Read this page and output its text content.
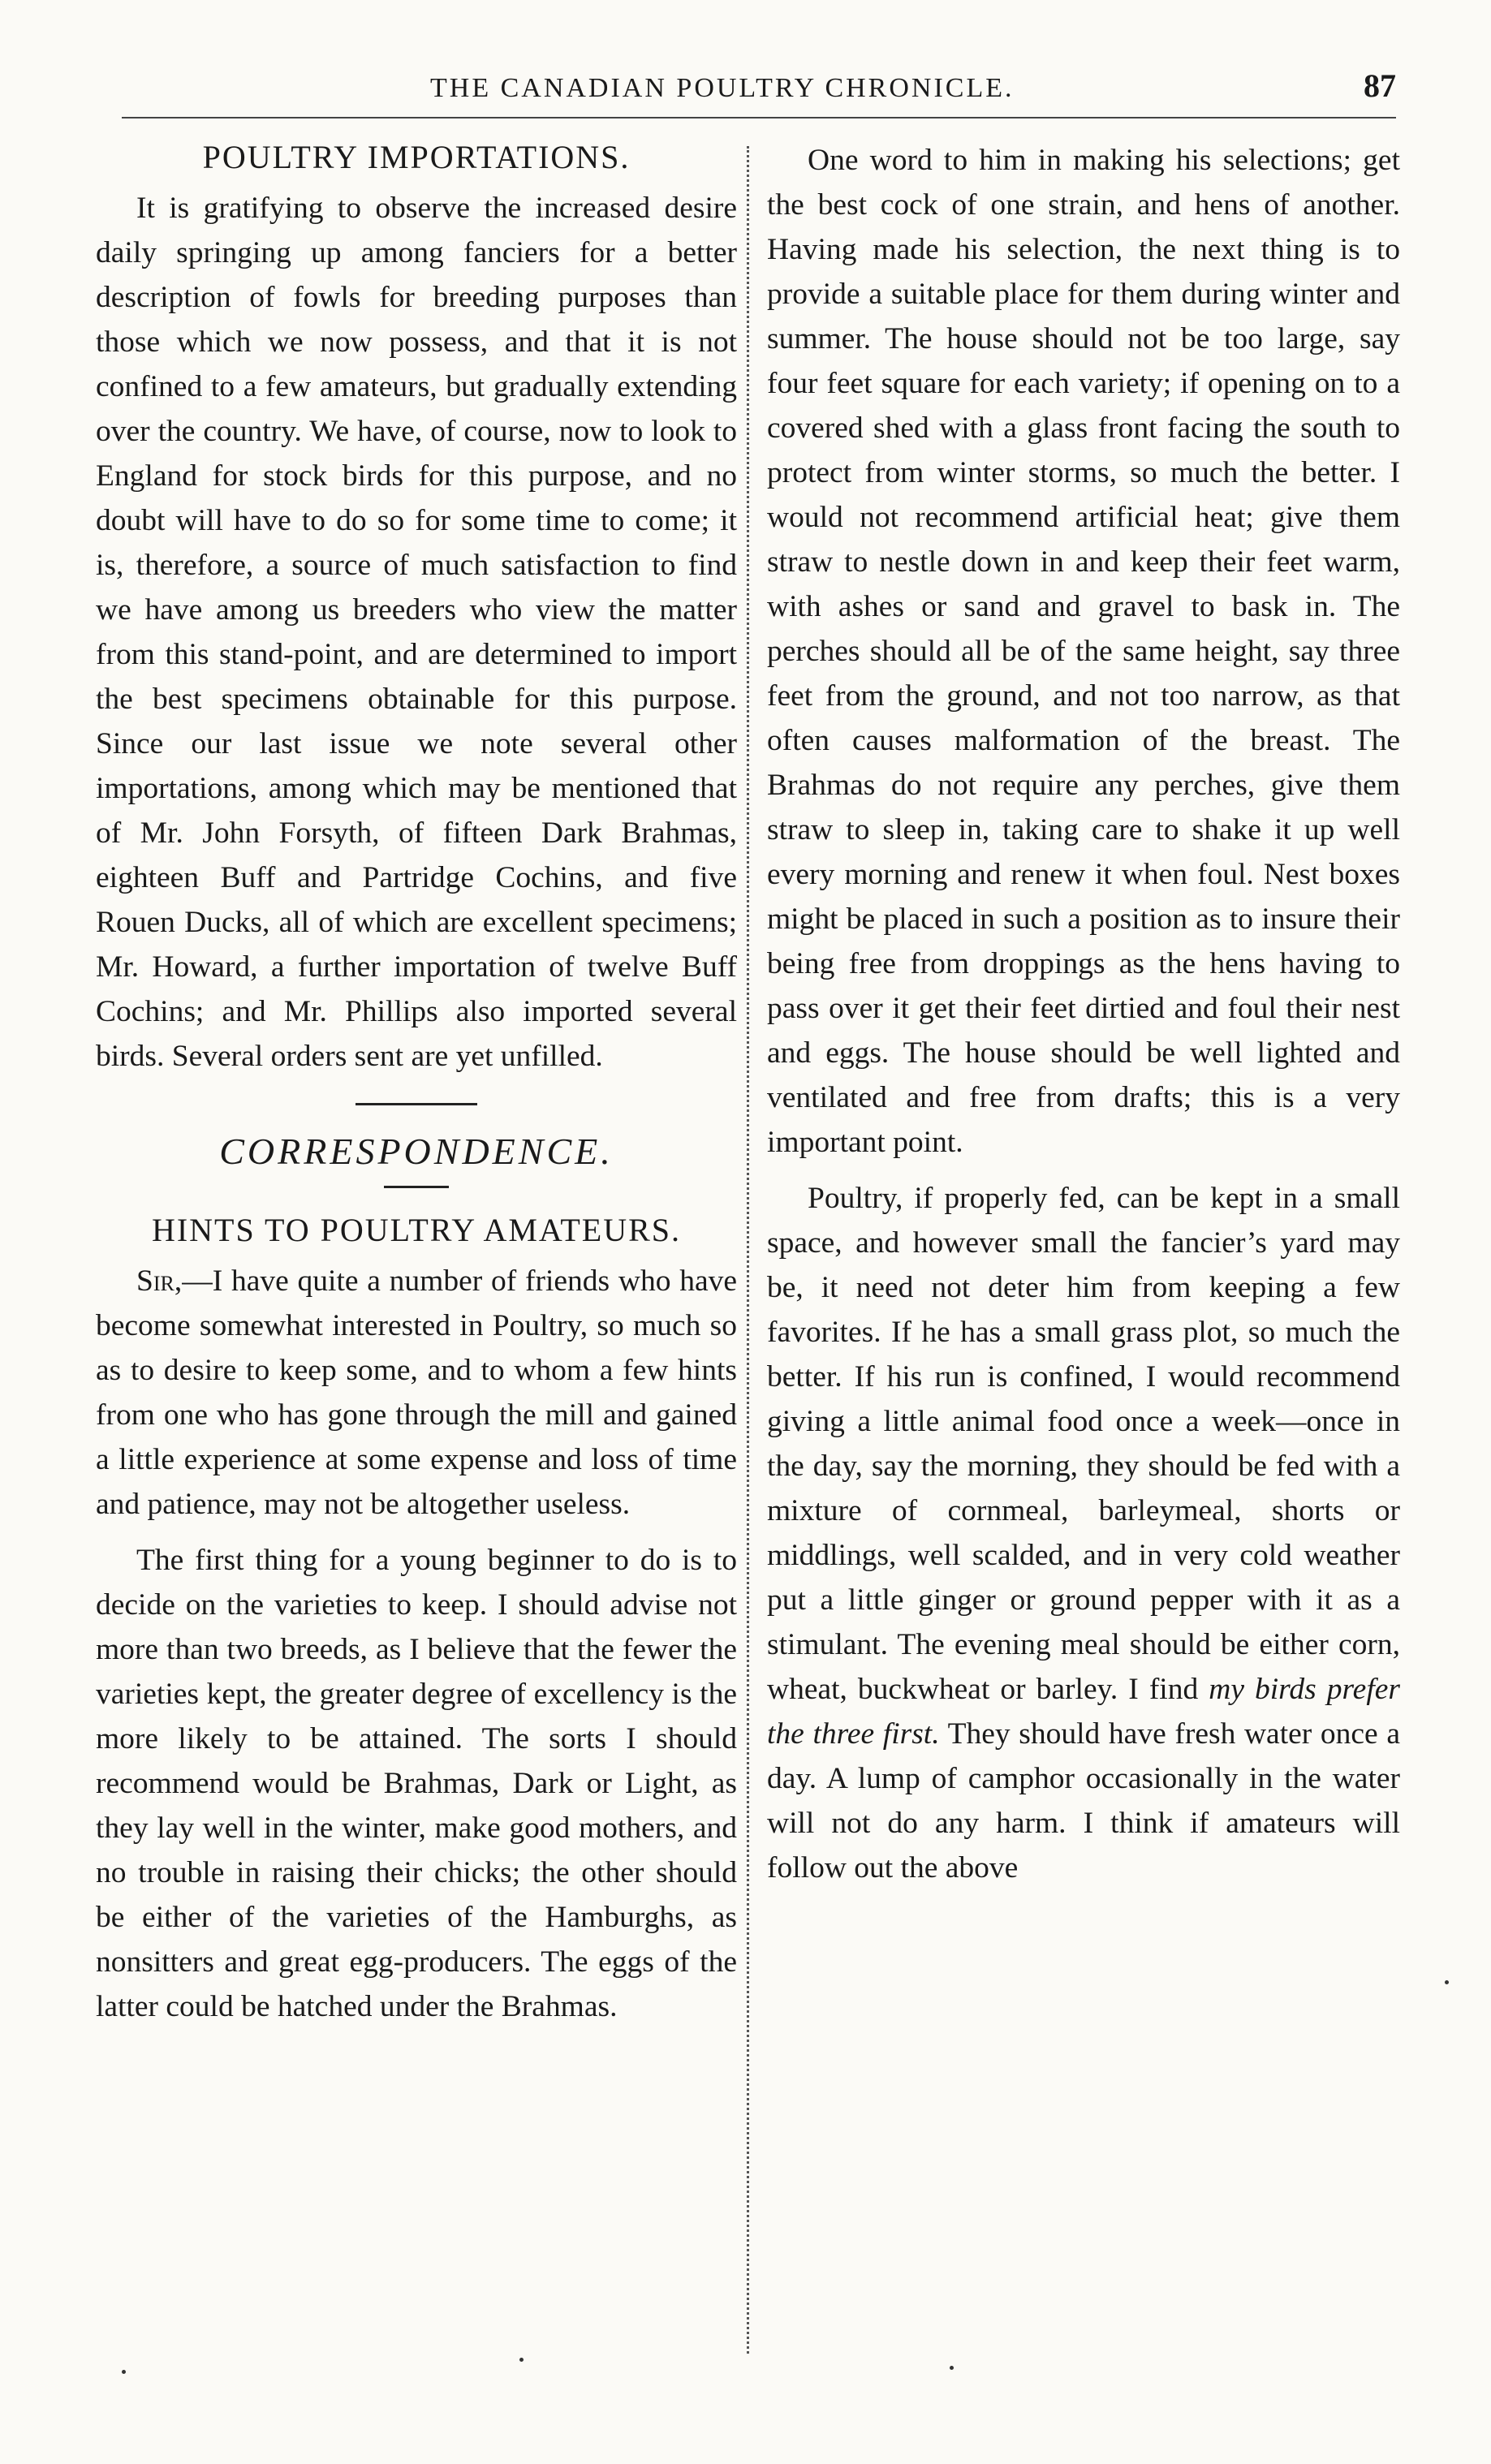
THE CANADIAN POULTRY CHRONICLE.	87
POULTRY IMPORTATIONS.

It is gratifying to observe the increased desire daily springing up among fanciers for a better description of fowls for breeding purposes than those which we now possess, and that it is not confined to a few amateurs, but gradually extending over the country. We have, of course, now to look to England for stock birds for this purpose, and no doubt will have to do so for some time to come; it is, therefore, a source of much satisfaction to find we have among us breeders who view the matter from this stand-point, and are determined to import the best specimens obtainable for this purpose. Since our last issue we note several other importations, among which may be mentioned that of Mr. John Forsyth, of fifteen Dark Brahmas, eighteen Buff and Partridge Cochins, and five Rouen Ducks, all of which are excellent specimens; Mr. Howard, a further importation of twelve Buff Cochins; and Mr. Phillips also imported several birds. Several orders sent are yet unfilled.

CORRESPONDENCE.
HINTS TO POULTRY AMATEURS.

Sir,—I have quite a number of friends who have become somewhat interested in Poultry, so much so as to desire to keep some, and to whom a few hints from one who has gone through the mill and gained a little experience at some expense and loss of time and patience, may not be altogether useless.

The first thing for a young beginner to do is to decide on the varieties to keep. I should advise not more than two breeds, as I believe that the fewer the varieties kept, the greater degree of excellency is the more likely to be attained. The sorts I should recommend would be Brahmas, Dark or Light, as they lay well in the winter, make good mothers, and no trouble in raising their chicks; the other should be either of the varieties of the Hamburghs, as nonsitters and great egg-producers. The eggs of the latter could be hatched under the Brahmas.

One word to him in making his selections; get the best cock of one strain, and hens of another. Having made his selection, the next thing is to provide a suitable place for them during winter and summer. The house should not be too large, say four feet square for each variety; if opening on to a covered shed with a glass front facing the south to protect from winter storms, so much the better. I would not recommend artificial heat; give them straw to nestle down in and keep their feet warm, with ashes or sand and gravel to bask in. The perches should all be of the same height, say three feet from the ground, and not too narrow, as that often causes malformation of the breast. The Brahmas do not require any perches, give them straw to sleep in, taking care to shake it up well every morning and renew it when foul. Nest boxes might be placed in such a position as to insure their being free from droppings as the hens having to pass over it get their feet dirtied and foul their nest and eggs. The house should be well lighted and ventilated and free from drafts; this is a very important point.

Poultry, if properly fed, can be kept in a small space, and however small the fancier’s yard may be, it need not deter him from keeping a few favorites. If he has a small grass plot, so much the better. If his run is confined, I would recommend giving a little animal food once a week—once in the day, say the morning, they should be fed with a mixture of cornmeal, barleymeal, shorts or middlings, well scalded, and in very cold weather put a little ginger or ground pepper with it as a stimulant. The evening meal should be either corn, wheat, buckwheat or barley. I find my birds prefer the three first. They should have fresh water once a day. A lump of camphor occasionally in the water will not do any harm. I think if amateurs will follow out the above
